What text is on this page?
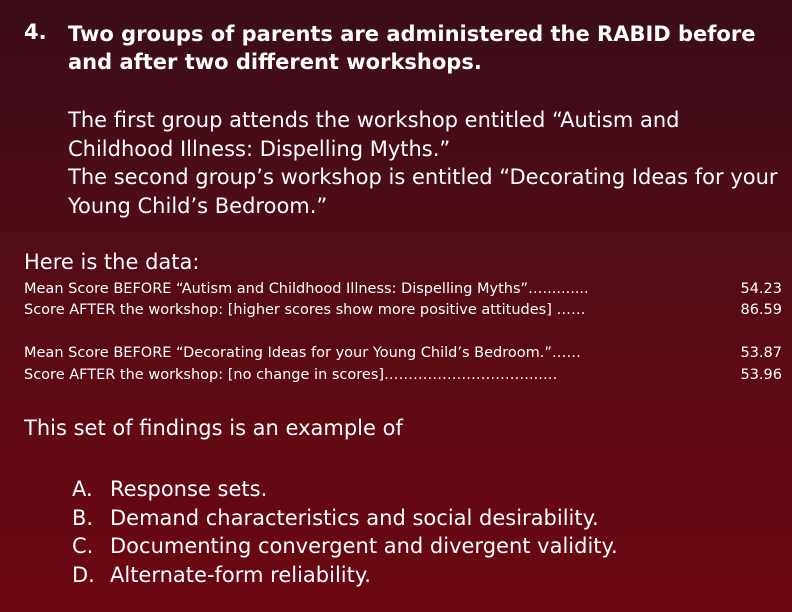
4. Two groups of parents are administered the RABID before
and after two different workshops.
The first group attends the workshop entitled “Autism and
Childhood Illness: Dispelling Myths.”
The second group’s workshop is entitled “Decorating Ideas for your
Young Child’s Bedroom.”
Here is the data:
Mean Score BEFORE “Autism and Childhood Illness: Dispelling Myths”…..........	54.23
Score AFTER the workshop: [higher scores show more positive attitudes] ……	86.59
Mean Score BEFORE “Decorating Ideas for your Young Child’s Bedroom.”……	53.87
Score AFTER the workshop: [no change in scores]…………………………...…	53.96
This set of findings is an example of
A. Response sets.
B. Demand characteristics and social desirability.
C. Documenting convergent and divergent validity.
D. Alternate-form reliability.
